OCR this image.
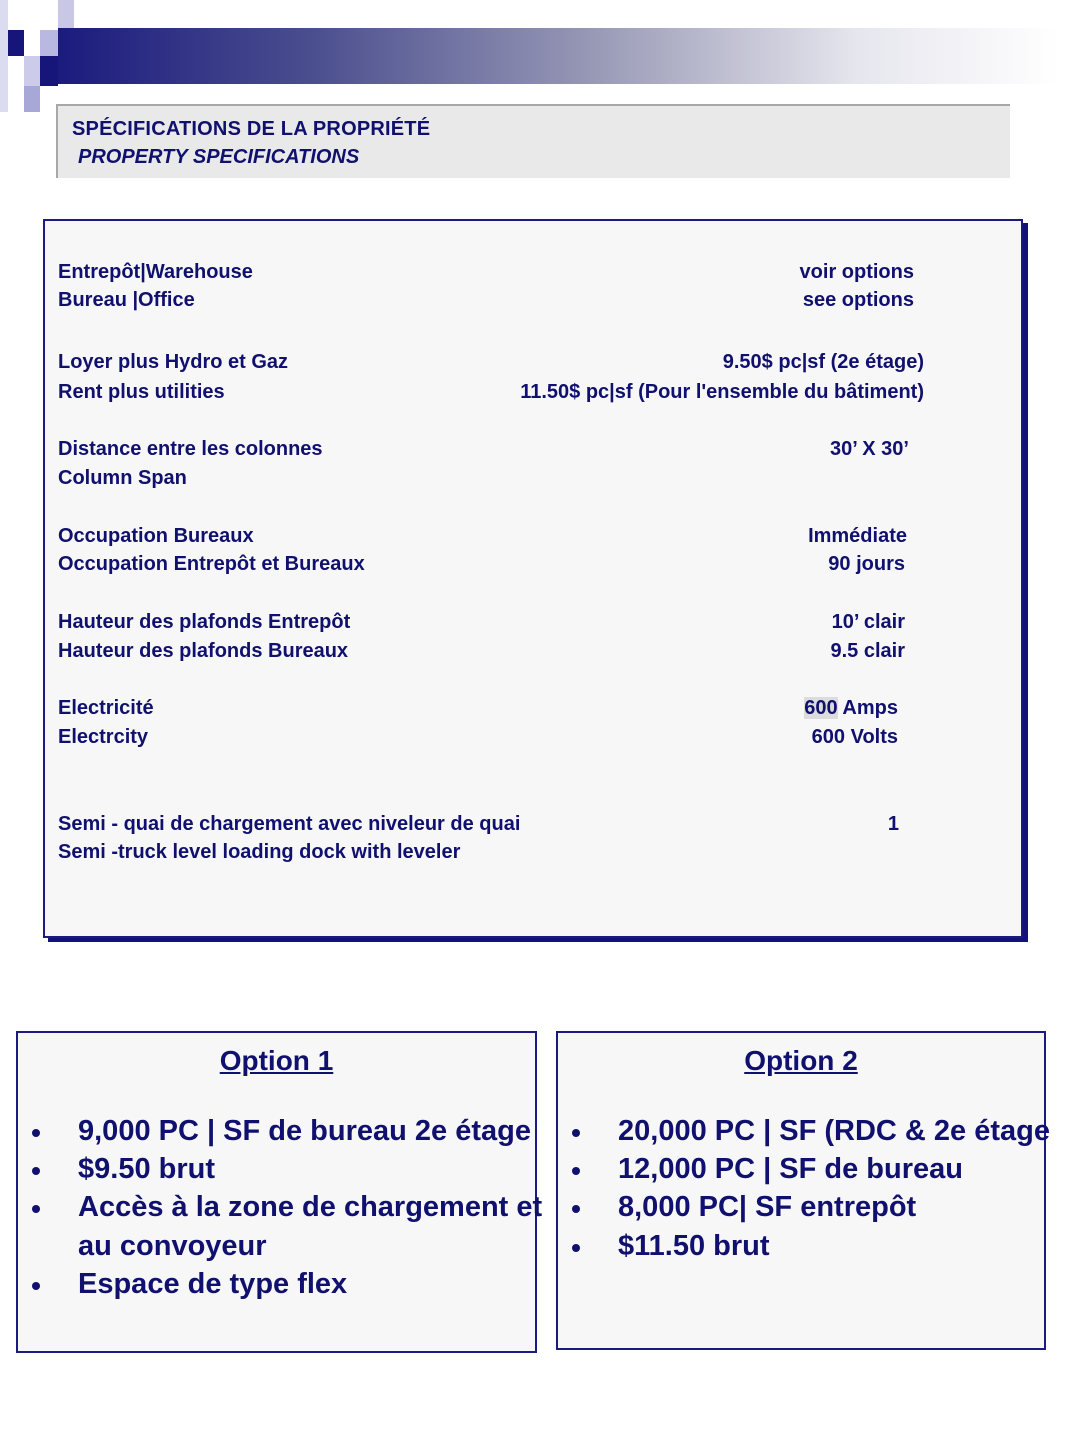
SPÉCIFICATIONS DE LA PROPRIÉTÉ
PROPERTY SPECIFICATIONS
Entrepôt|Warehouse	voir options
Bureau |Office	see options
Loyer plus Hydro et Gaz	9.50$ pc|sf (2e étage)
Rent plus utilities	11.50$ pc|sf (Pour l'ensemble du bâtiment)
Distance entre les colonnes	30’ X 30’
Column Span
Occupation Bureaux	Immédiate
Occupation Entrepôt et Bureaux	90 jours
Hauteur des plafonds Entrepôt	10’ clair
Hauteur des plafonds Bureaux	9.5 clair
Electricité	600 Amps
Electrcity	600 Volts
Semi - quai de chargement avec niveleur de quai	1
Semi -truck level loading dock with leveler
Option 1
9,000 PC | SF de bureau 2e étage
$9.50 brut
Accès à la zone de chargement et
au convoyeur
Espace de type flex
Option 2
20,000 PC | SF (RDC & 2e étage
12,000 PC | SF de bureau
8,000 PC| SF entrepôt
$11.50 brut
